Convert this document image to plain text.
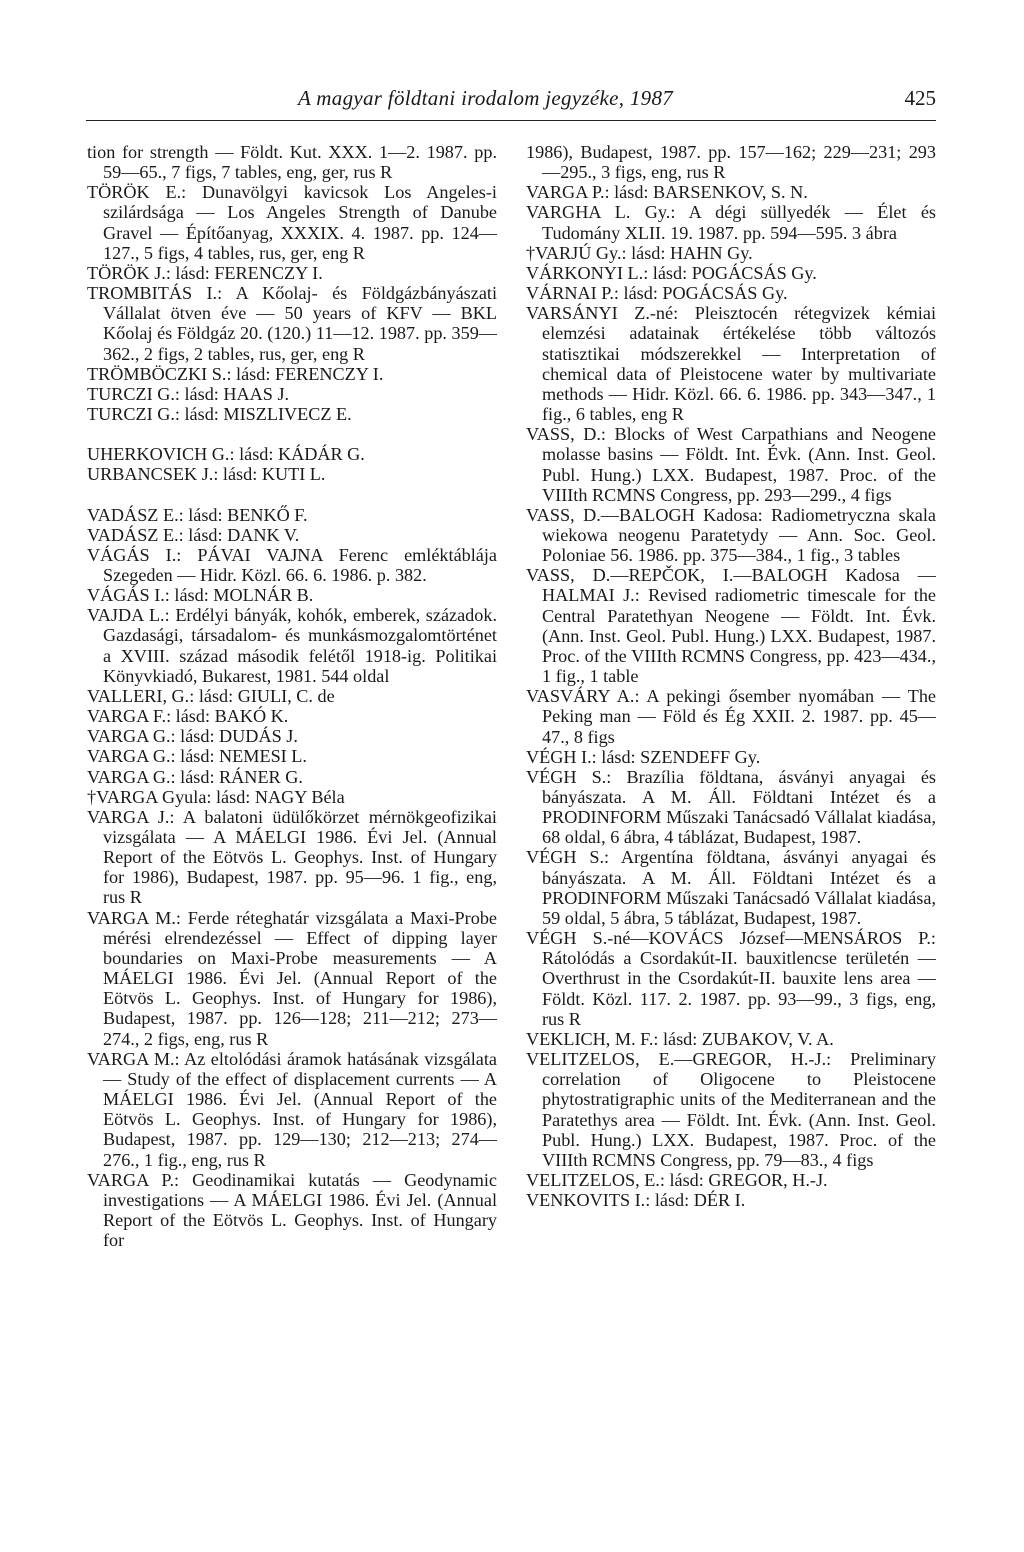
A magyar földtani irodalom jegyzéke, 1987	425

tion for strength — Földt. Kut. XXX. 1—2. 1987. pp. 59—65., 7 figs, 7 tables, eng, ger, rus R

TÖRÖK E.: Dunavölgyi kavicsok Los Angeles-i szilárdsága — Los Angeles Strength of Danube Gravel — Építőanyag, XXXIX. 4. 1987. pp. 124—127., 5 figs, 4 tables, rus, ger, eng R

TÖRÖK J.: lásd: FERENCZY I.

TROMBITÁS I.: A Kőolaj- és Földgázbányászati Vállalat ötven éve — 50 years of KFV — BKL Kőolaj és Földgáz 20. (120.) 11—12. 1987. pp. 359—362., 2 figs, 2 tables, rus, ger, eng R

TRÖMBÖCZKI S.: lásd: FERENCZY I.

TURCZI G.: lásd: HAAS J.

TURCZI G.: lásd: MISZLIVECZ E.

UHERKOVICH G.: lásd: KÁDÁR G.

URBANCSEK J.: lásd: KUTI L.

VADÁSZ E.: lásd: BENKŐ F.

VADÁSZ E.: lásd: DANK V.

VÁGÁS I.: PÁVAI VAJNA Ferenc emléktáblája Szegeden — Hidr. Közl. 66. 6. 1986. p. 382.

VÁGÁS I.: lásd: MOLNÁR B.

VAJDA L.: Erdélyi bányák, kohók, emberek, századok. Gazdasági, társadalom- és munkásmozgalomtörténet a XVIII. század második felétől 1918-ig. Politikai Könyvkiadó, Bukarest, 1981. 544 oldal

VALLERI, G.: lásd: GIULI, C. de

VARGA F.: lásd: BAKÓ K.

VARGA G.: lásd: DUDÁS J.

VARGA G.: lásd: NEMESI L.

VARGA G.: lásd: RÁNER G.

†VARGA Gyula: lásd: NAGY Béla

VARGA J.: A balatoni üdülőkörzet mérnökgeofizikai vizsgálata — A MÁELGI 1986. Évi Jel. (Annual Report of the Eötvös L. Geophys. Inst. of Hungary for 1986), Budapest, 1987. pp. 95—96. 1 fig., eng, rus R

VARGA M.: Ferde réteghatár vizsgálata a Maxi-Probe mérési elrendezéssel — Effect of dipping layer boundaries on Maxi-Probe measurements — A MÁELGI 1986. Évi Jel. (Annual Report of the Eötvös L. Geophys. Inst. of Hungary for 1986), Budapest, 1987. pp. 126—128; 211—212; 273—274., 2 figs, eng, rus R

VARGA M.: Az eltolódási áramok hatásának vizsgálata — Study of the effect of displacement currents — A MÁELGI 1986. Évi Jel. (Annual Report of the Eötvös L. Geophys. Inst. of Hungary for 1986), Budapest, 1987. pp. 129—130; 212—213; 274—276., 1 fig., eng, rus R

VARGA P.: Geodinamikai kutatás — Geodynamic investigations — A MÁELGI 1986. Évi Jel. (Annual Report of the Eötvös L. Geophys. Inst. of Hungary for

1986), Budapest, 1987. pp. 157—162; 229—231; 293—295., 3 figs, eng, rus R

VARGA P.: lásd: BARSENKOV, S. N.

VARGHA L. Gy.: A dégi süllyedék — Élet és Tudomány XLII. 19. 1987. pp. 594—595. 3 ábra

†VARJÚ Gy.: lásd: HAHN Gy.

VÁRKONYI L.: lásd: POGÁCSÁS Gy.

VÁRNAI P.: lásd: POGÁCSÁS Gy.

VARSÁNYI Z.-né: Pleisztocén rétegvizek kémiai elemzési adatainak értékelése több változós statisztikai módszerekkel — Interpretation of chemical data of Pleistocene water by multivariate methods — Hidr. Közl. 66. 6. 1986. pp. 343—347., 1 fig., 6 tables, eng R

VASS, D.: Blocks of West Carpathians and Neogene molasse basins — Földt. Int. Évk. (Ann. Inst. Geol. Publ. Hung.) LXX. Budapest, 1987. Proc. of the VIIIth RCMNS Congress, pp. 293—299., 4 figs

VASS, D.—BALOGH Kadosa: Radiometryczna skala wiekowa neogenu Paratetydy — Ann. Soc. Geol. Poloniae 56. 1986. pp. 375—384., 1 fig., 3 tables

VASS, D.—REPČOK, I.—BALOGH Kadosa — HALMAI J.: Revised radiometric timescale for the Central Paratethyan Neogene — Földt. Int. Évk. (Ann. Inst. Geol. Publ. Hung.) LXX. Budapest, 1987. Proc. of the VIIIth RCMNS Congress, pp. 423—434., 1 fig., 1 table

VASVÁRY A.: A pekingi ősember nyomában — The Peking man — Föld és Ég XXII. 2. 1987. pp. 45—47., 8 figs

VÉGH I.: lásd: SZENDEFF Gy.

VÉGH S.: Brazília földtana, ásványi anyagai és bányászata. A M. Áll. Földtani Intézet és a PRODINFORM Műszaki Tanácsadó Vállalat kiadása, 68 oldal, 6 ábra, 4 táblázat, Budapest, 1987.

VÉGH S.: Argentína földtana, ásványi anyagai és bányászata. A M. Áll. Földtani Intézet és a PRODINFORM Műszaki Tanácsadó Vállalat kiadása, 59 oldal, 5 ábra, 5 táblázat, Budapest, 1987.

VÉGH S.-né—KOVÁCS József—MENSÁROS P.: Rátolódás a Csordakút-II. bauxitlencse területén — Overthrust in the Csordakút-II. bauxite lens area — Földt. Közl. 117. 2. 1987. pp. 93—99., 3 figs, eng, rus R

VEKLICH, M. F.: lásd: ZUBAKOV, V. A.

VELITZELOS, E.—GREGOR, H.-J.: Preliminary correlation of Oligocene to Pleistocene phytostratigraphic units of the Mediterranean and the Paratethys area — Földt. Int. Évk. (Ann. Inst. Geol. Publ. Hung.) LXX. Budapest, 1987. Proc. of the VIIIth RCMNS Congress, pp. 79—83., 4 figs

VELITZELOS, E.: lásd: GREGOR, H.-J.

VENKOVITS I.: lásd: DÉR I.
